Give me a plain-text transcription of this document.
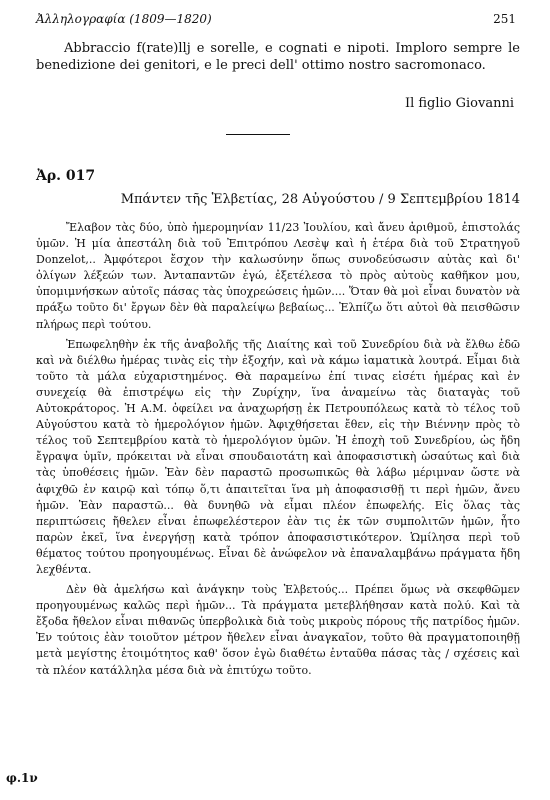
Ἀλληλογραφία (1809—1820)	251

Abbraccio f(rate)llj e sorelle, e cognati e nipoti. Imploro sempre le benedizione dei genitori, e le preci dell' ottimo nostro sacromonaco.

Il figlio Giovanni
Ἀρ. 017
Μπάντεν τῆς Ἑλβετίας, 28 Αὐγούστου / 9 Σεπτεμβρίου 1814

Ἔλαβον τὰς δύο, ὑπὸ ἡμερομηνίαν 11/23 Ἰουλίου, καὶ ἄνευ ἀριθμοῦ, ἐπιστολάς ὑμῶν. Ἡ μία ἀπεστάλη διὰ τοῦ Ἐπιτρόπου Λεσὲψ καὶ ἡ ἑτέρα διὰ τοῦ Στρατηγοῦ Donzelot,.. Ἀμφότεροι ἔσχον τὴν καλωσύνην ὅπως συνοδεύσωσιν αὐτὰς καὶ δι' ὀλίγων λέξεών των. Ἀνταπαντῶν ἐγώ, ἐξετέλεσα τὸ πρὸς αὐτοὺς καθῆκον μου, ὑπομιμνήσκων αὐτοῖς πάσας τὰς ὑποχρεώσεις ἡμῶν.... Ὅταν θὰ μοὶ εἶναι δυνατὸν νὰ πράξω τοῦτο δι' ἔργων δὲν θὰ παραλείψω βεβαίως... Ἐλπίζω ὅτι αὐτοὶ θὰ πεισθῶσιν πλήρως περὶ τούτου.

Ἐπωφεληθὴν ἐκ τῆς ἀναβολῆς τῆς Διαίτης καὶ τοῦ Συνεδρίου διὰ νὰ ἔλθω ἐδῶ καὶ νὰ διέλθω ἡμέρας τινὰς εἰς τὴν ἐξοχήν, καὶ νὰ κάμω ἰαματικὰ λουτρά. Εἶμαι διὰ τοῦτο τὰ μάλα εὐχαριστημένος. Θὰ παραμείνω ἐπί τινας εἰσέτι ἡμέρας καὶ ἐν συνεχείᾳ θὰ ἐπιστρέψω εἰς τὴν Ζυρίχην, ἵνα ἀναμείνω τὰς διαταγὰς τοῦ Αὐτοκράτορος. Ἡ Α.Μ. ὀφείλει να ἀναχωρήσῃ ἐκ Πετρουπόλεως κατὰ τὸ τέλος τοῦ Αὐγούστου κατὰ τὸ ἡμερολόγιον ἡμῶν. Ἀφιχθήσεται ἔθεν, εἰς τὴν Βιέννην πρὸς τὸ τέλος τοῦ Σεπτεμβρίου κατὰ τὸ ἡμερολόγιον ὑμῶν. Ἡ ἐποχὴ τοῦ Συνεδρίου, ὡς ἤδη ἔγραψα ὑμῖν, πρόκειται νὰ εἶναι σπουδαιοτάτη καὶ ἀποφασιστικὴ ὡσαύτως καὶ διὰ τὰς ὑποθέσεις ἡμῶν. Ἐὰν δὲν παραστῶ προσωπικῶς θὰ λάβω μέριμναν ὥστε νὰ ἀφιχθῶ ἐν καιρῷ καὶ τόπῳ ὅ,τι ἀπαιτεῖται ἵνα μὴ ἀποφασισθῇ τι περὶ ἡμῶν, ἄνευ ἡμῶν. Ἐὰν παραστῶ... θὰ δυνηθῶ νὰ εἶμαι πλέον ἐπωφελής. Εἰς ὅλας τὰς περιπτώσεις ἤθελεν εἶναι ἐπωφελέστερον ἐὰν τις ἐκ τῶν συμπολιτῶν ἡμῶν, ἦτο παρὼν ἐκεῖ, ἵνα ἐνεργήσῃ κατὰ τρόπον ἀποφασιστικότερον. Ὡμίλησα περὶ τοῦ θέματος τούτου προηγουμένως. Εἶναι δὲ ἀνώφελον νὰ ἐπαναλαμβάνω πράγματα ἤδη λεχθέντα.

Δὲν θὰ ἀμελήσω καὶ ἀνάγκην τοὺς Ἑλβετούς... Πρέπει ὅμως νὰ σκεφθῶμεν προηγουμένως καλῶς περὶ ἡμῶν... Τὰ πράγματα μετεβλήθησαν κατὰ πολύ. Καὶ τὰ ἔξοδα ἤθελον εἶναι πιθανῶς ὑπερβολικὰ διὰ τοὺς μικροὺς πόρους τῆς πατρίδος ἡμῶν. Ἐν τούτοις ἐὰν τοιοῦτον μέτρον ἤθελεν εἶναι ἀναγκαῖον, τοῦτο θὰ πραγματοποιηθῇ μετὰ μεγίστης ἑτοιμότητος καθ' ὅσον ἐγὼ διαθέτω ἐνταῦθα πάσας τὰς / σχέσεις καὶ τὰ πλέον κατάλληλα μέσα διὰ νὰ ἐπιτύχω τοῦτο.

φ.1ν
